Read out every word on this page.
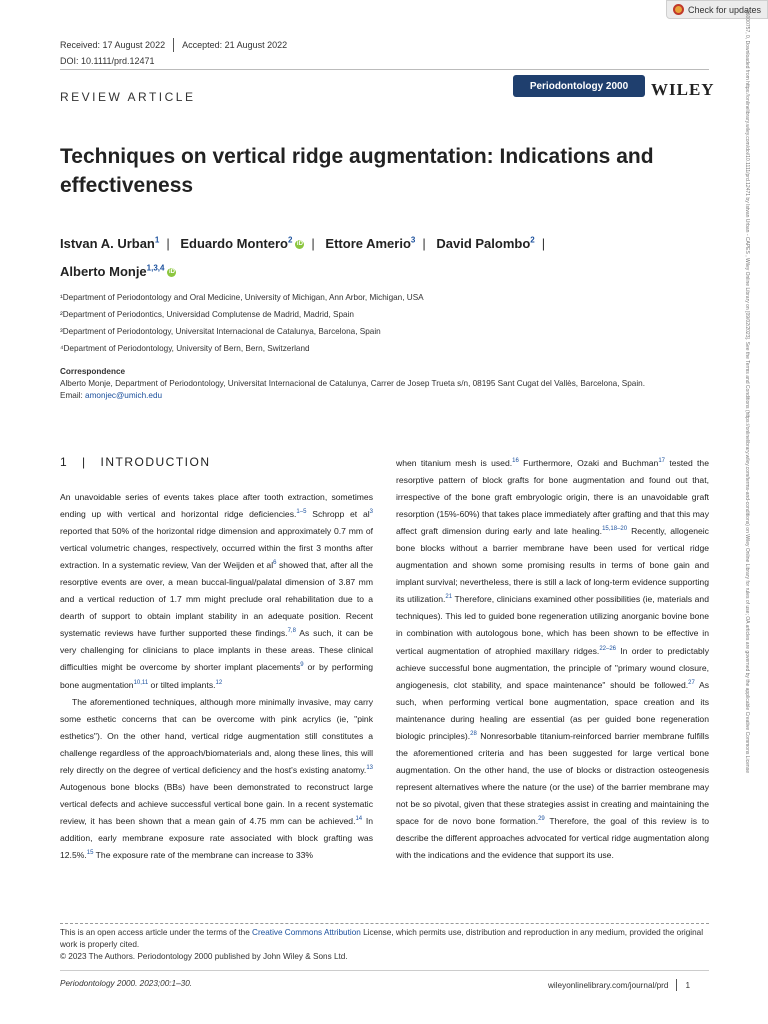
Check for updates
Received: 17 August 2022 Accepted: 21 August 2022
DOI: 10.1111/prd.12471
Periodontology 2000	WILEY
REVIEW ARTICLE
Techniques on vertical ridge augmentation: Indications and effectiveness
Istvan A. Urban$^1$ | Eduardo Montero$^2$ iD | Ettore Amerio$^3$ | David Palombo$^2$ |
Alberto Monje$^{1,3,4}$ iD
¹Department of Periodontology and Oral Medicine, University of Michigan, Ann Arbor, Michigan, USA
²Department of Periodontics, Universidad Complutense de Madrid, Madrid, Spain
³Department of Periodontology, Universitat Internacional de Catalunya, Barcelona, Spain
⁴Department of Periodontology, University of Bern, Bern, Switzerland
Correspondence
Alberto Monje, Department of Periodontology, Universitat Internacional de Catalunya, Carrer de Josep Trueta s/n, 08195 Sant Cugat del Vallès, Barcelona, Spain.
Email: amonjec@umich.edu
1 | INTRODUCTION

An unavoidable series of events takes place after tooth extraction, sometimes ending up with vertical and horizontal ridge deficiencies.$^{1-5}$ Schropp et $al^3$ reported that 50% of the horizontal ridge dimension and approximately 0.7 mm of vertical volumetric changes, respectively, occurred within the first 3 months after extraction. In a systematic review, Van der Weijden et $al^6$ showed that, after all the resorptive events are over, a mean buccal-lingual/palatal dimension of 3.87 mm and a vertical reduction of 1.7 mm might preclude oral rehabilitation due to a dearth of support to obtain implant stability in an adequate position. Recent systematic reviews have further supported these findings.$^{7,8}$ As such, it can be very challenging for clinicians to place implants in these areas. These clinical difficulties might be overcome by shorter implant placements$^9$ or by performing bone augmentation$^{10,11}$ or tilted implants.$^{12}$

The aforementioned techniques, although more minimally invasive, may carry some esthetic concerns that can be overcome with pink acrylics (ie, "pink esthetics"). On the other hand, vertical ridge augmentation still constitutes a challenge regardless of the approach/biomaterials and, along these lines, this will rely directly on the degree of vertical deficiency and the host's existing anatomy.$^{13}$ Autogenous bone blocks (BBs) have been demonstrated to reconstruct large vertical defects and achieve successful vertical bone gain. In a recent systematic review, it has been shown that a mean gain of 4.75 mm can be achieved.$^{14}$ In addition, early membrane exposure rate associated with block grafting was 12.5%.$^{15}$ The exposure rate of the membrane can increase to 33%

when titanium mesh is used.$^{16}$ Furthermore, Ozaki and Buchman$^{17}$ tested the resorptive pattern of block grafts for bone augmentation and found out that, irrespective of the bone graft embryologic origin, there is an unavoidable graft resorption (15%-60%) that takes place immediately after grafting and that this may affect graft dimension during early and late healing.$^{15,18-20}$ Recently, allogeneic bone blocks without a barrier membrane have been used for vertical ridge augmentation and shown some promising results in terms of bone gain and implant survival; nevertheless, there is still a lack of long-term evidence supporting its utilization.$^{21}$ Therefore, clinicians examined other possibilities (ie, materials and techniques). This led to guided bone regeneration utilizing anorganic bovine bone in combination with autologous bone, which has been shown to be effective in vertical augmentation of atrophied maxillary ridges.$^{22-26}$ In order to predictably achieve successful bone augmentation, the principle of "primary wound closure, angiogenesis, clot stability, and space maintenance" should be followed.$^{27}$ As such, when performing vertical bone augmentation, space creation and its maintenance during healing are essential (as per guided bone regeneration biologic principles).$^{28}$ Nonresorbable titanium-reinforced barrier membrane fulfills the aforementioned criteria and has been suggested for large vertical bone augmentation. On the other hand, the use of blocks or distraction osteogenesis represent alternatives where the nature (or the use) of the barrier membrane may not be so pivotal, given that these strategies assist in creating and maintaining the space for de novo bone formation.$^{29}$ Therefore, the goal of this review is to describe the different approaches advocated for vertical ridge augmentation along with the indications and the evidence that support its use.

This is an open access article under the terms of the Creative Commons Attribution License, which permits use, distribution and reproduction in any medium, provided the original work is properly cited.
© 2023 The Authors. Periodontology 2000 published by John Wiley & Sons Ltd.
Periodontology 2000. 2023;00:1–30.	wileyonlinelibrary.com/journal/prd 1
16000757, 0, Downloaded from https://onlinelibrary.wiley.com/doi/10.1111/prd.12471 by Istvan Urban - CAPES , Wiley Online Library on [09/02/2023]. See the Terms and Conditions (https://onlinelibrary.wiley.com/terms-and-conditions) on Wiley Online Library for rules of use; OA articles are governed by the applicable Creative Commons License
